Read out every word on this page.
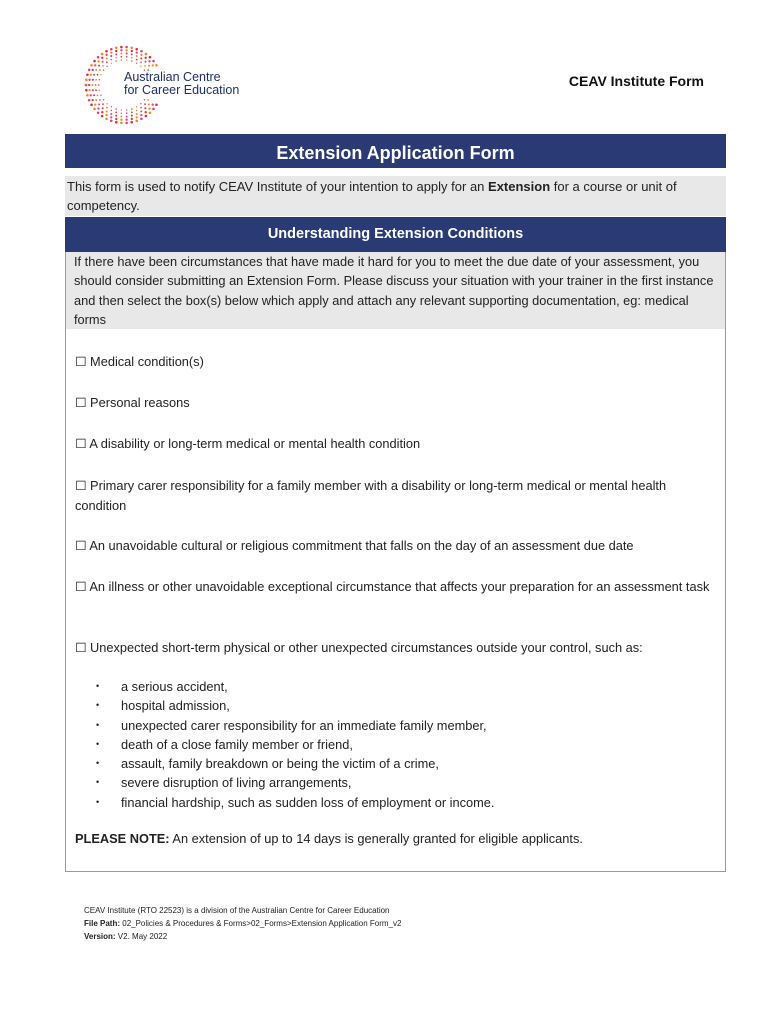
Australian Centre
for Career Education
CEAV Institute Form
Extension Application Form
This form is used to notify CEAV Institute of your intention to apply for an Extension for a course or unit of competency.
Understanding Extension Conditions
If there have been circumstances that have made it hard for you to meet the due date of your assessment, you should consider submitting an Extension Form. Please discuss your situation with your trainer in the first instance and then select the box(s) below which apply and attach any relevant supporting documentation, eg: medical forms
☐ Medical condition(s)
☐ Personal reasons
☐ A disability or long-term medical or mental health condition
☐ Primary carer responsibility for a family member with a disability or long-term medical or mental health condition
☐ An unavoidable cultural or religious commitment that falls on the day of an assessment due date
☐ An illness or other unavoidable exceptional circumstance that affects your preparation for an assessment task
☐ Unexpected short-term physical or other unexpected circumstances outside your control, such as:
• a serious accident,
• hospital admission,
• unexpected carer responsibility for an immediate family member,
• death of a close family member or friend,
• assault, family breakdown or being the victim of a crime,
• severe disruption of living arrangements,
• financial hardship, such as sudden loss of employment or income.
PLEASE NOTE: An extension of up to 14 days is generally granted for eligible applicants.
CEAV Institute (RTO 22523) is a division of the Australian Centre for Career Education
File Path: 02_Policies & Procedures & Forms>02_Forms>Extension Application Form_v2
Version: V2. May 2022
